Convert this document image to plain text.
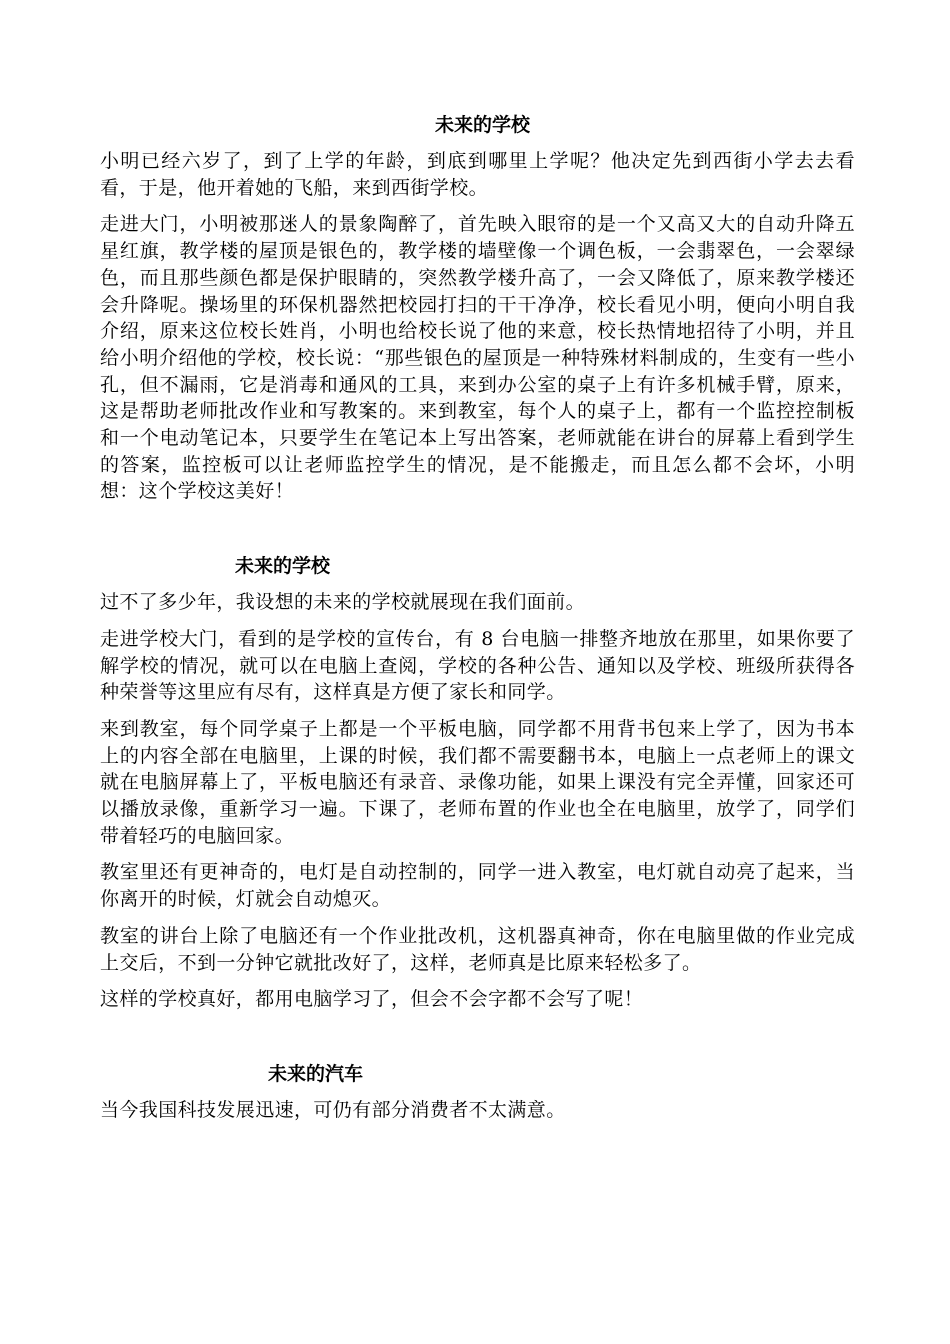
未来的学校

小明已经六岁了，到了上学的年龄，到底到哪里上学呢？他决定先到西街小学去去看看，于是，他开着她的飞船，来到西街学校。

走进大门，小明被那迷人的景象陶醉了，首先映入眼帘的是一个又高又大的自动升降五星红旗，教学楼的屋顶是银色的，教学楼的墙壁像一个调色板，一会翡翠色，一会翠绿色，而且那些颜色都是保护眼睛的，突然教学楼升高了，一会又降低了，原来教学楼还会升降呢。操场里的环保机器然把校园打扫的干干净净，校长看见小明，便向小明自我介绍，原来这位校长姓肖，小明也给校长说了他的来意，校长热情地招待了小明，并且给小明介绍他的学校，校长说：“那些银色的屋顶是一种特殊材料制成的，生变有一些小孔，但不漏雨，它是消毒和通风的工具，来到办公室的桌子上有许多机械手臂，原来，这是帮助老师批改作业和写教案的。来到教室，每个人的桌子上，都有一个监控控制板和一个电动笔记本，只要学生在笔记本上写出答案，老师就能在讲台的屏幕上看到学生的答案，监控板可以让老师监控学生的情况，是不能搬走，而且怎么都不会坏，小明想：这个学校这美好！

未来的学校

过不了多少年，我设想的未来的学校就展现在我们面前。

走进学校大门，看到的是学校的宣传台，有 8 台电脑一排整齐地放在那里，如果你要了解学校的情况，就可以在电脑上查阅，学校的各种公告、通知以及学校、班级所获得各种荣誉等这里应有尽有，这样真是方便了家长和同学。

来到教室，每个同学桌子上都是一个平板电脑，同学都不用背书包来上学了，因为书本上的内容全部在电脑里，上课的时候，我们都不需要翻书本，电脑上一点老师上的课文就在电脑屏幕上了，平板电脑还有录音、录像功能，如果上课没有完全弄懂，回家还可以播放录像，重新学习一遍。下课了，老师布置的作业也全在电脑里，放学了，同学们带着轻巧的电脑回家。

教室里还有更神奇的，电灯是自动控制的，同学一进入教室，电灯就自动亮了起来，当你离开的时候，灯就会自动熄灭。

教室的讲台上除了电脑还有一个作业批改机，这机器真神奇，你在电脑里做的作业完成上交后，不到一分钟它就批改好了，这样，老师真是比原来轻松多了。

这样的学校真好，都用电脑学习了，但会不会字都不会写了呢！

未来的汽车

当今我国科技发展迅速，可仍有部分消费者不太满意。
